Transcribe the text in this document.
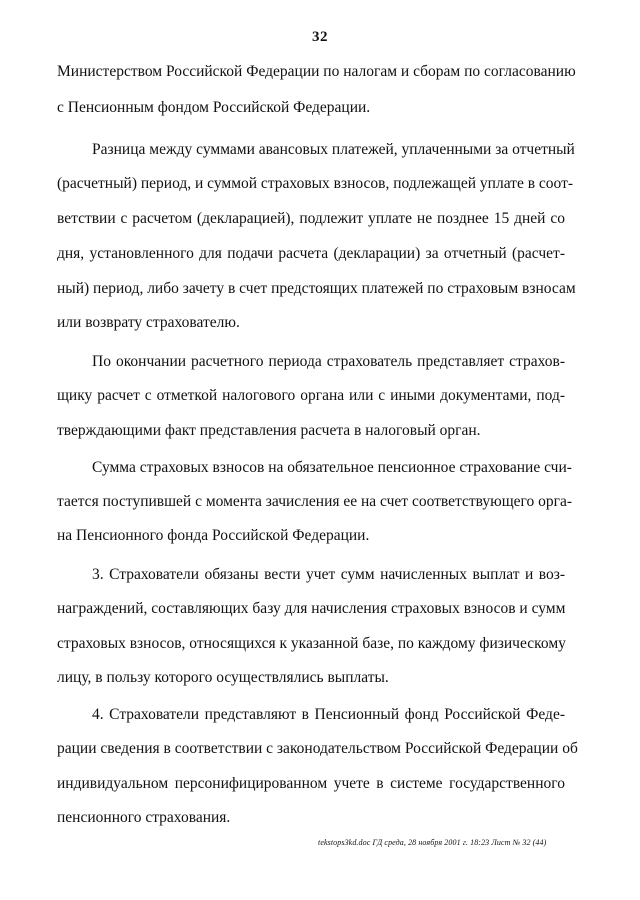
32
Министерством Российской Федерации по налогам и сборам по согласованию
с Пенсионным фондом Российской Федерации.
Разница между суммами авансовых платежей, уплаченными за отчетный
(расчетный) период, и суммой страховых взносов, подлежащей уплате в соот-
ветствии с расчетом (декларацией), подлежит уплате не позднее 15 дней со
дня, установленного для подачи расчета (декларации) за отчетный (расчет-
ный) период, либо зачету в счет предстоящих платежей по страховым взносам
или возврату страхователю.
По окончании расчетного периода страхователь представляет страхов-
щику расчет с отметкой налогового органа или с иными документами, под-
тверждающими факт представления расчета в налоговый орган.
Сумма страховых взносов на обязательное пенсионное страхование счи-
тается поступившей с момента зачисления ее на счет соответствующего орга-
на Пенсионного фонда Российской Федерации.
3. Страхователи обязаны вести учет сумм начисленных выплат и воз-
награждений, составляющих базу для начисления страховых взносов и сумм
страховых взносов, относящихся к указанной базе, по каждому физическому
лицу, в пользу которого осуществлялись выплаты.
4. Страхователи представляют в Пенсионный фонд Российской Феде-
рации сведения в соответствии с законодательством Российской Федерации об
индивидуальном персонифицированном учете в системе государственного
пенсионного страхования.
tekstops3kd.doc ГД среда, 28 ноября 2001 г. 18:23 Лист № 32 (44)
